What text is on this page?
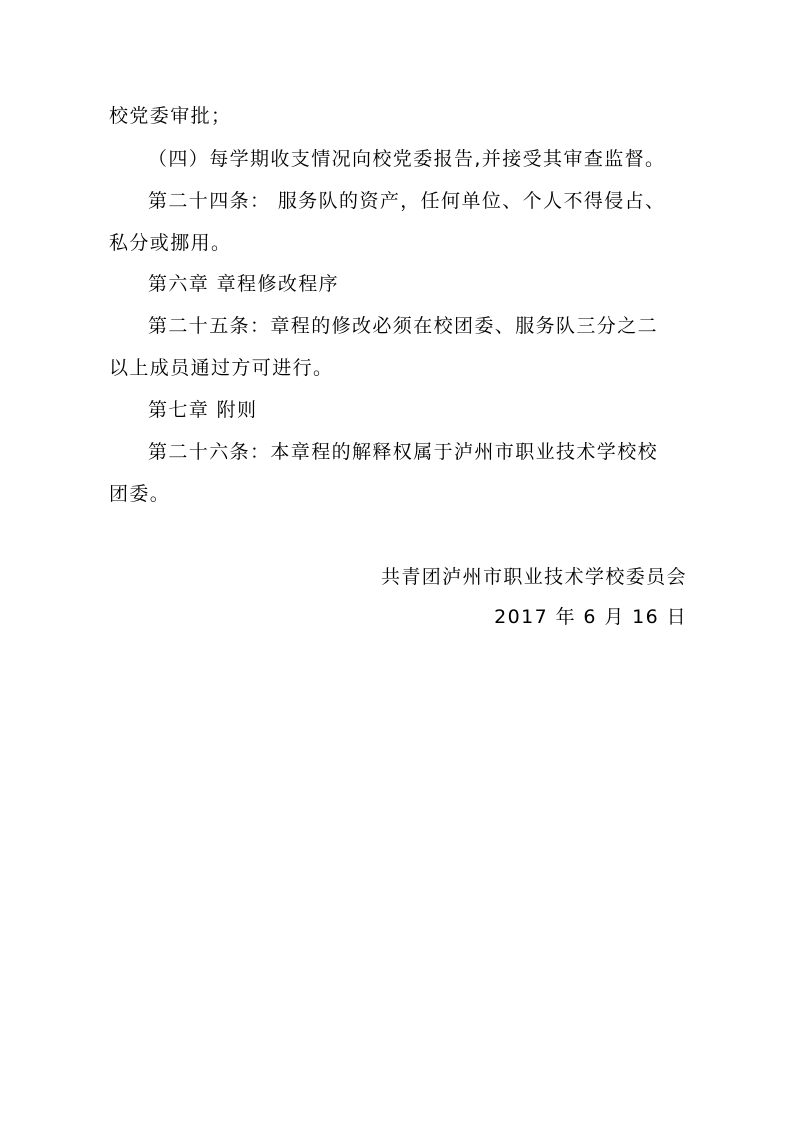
校党委审批；
（四）每学期收支情况向校党委报告,并接受其审查监督。
第二十四条： 服务队的资产，任何单位、个人不得侵占、
私分或挪用。
第六章 章程修改程序
第二十五条：章程的修改必须在校团委、服务队三分之二
以上成员通过方可进行。
第七章 附则
第二十六条：本章程的解释权属于泸州市职业技术学校校
团委。
共青团泸州市职业技术学校委员会
2017 年 6 月 16 日
